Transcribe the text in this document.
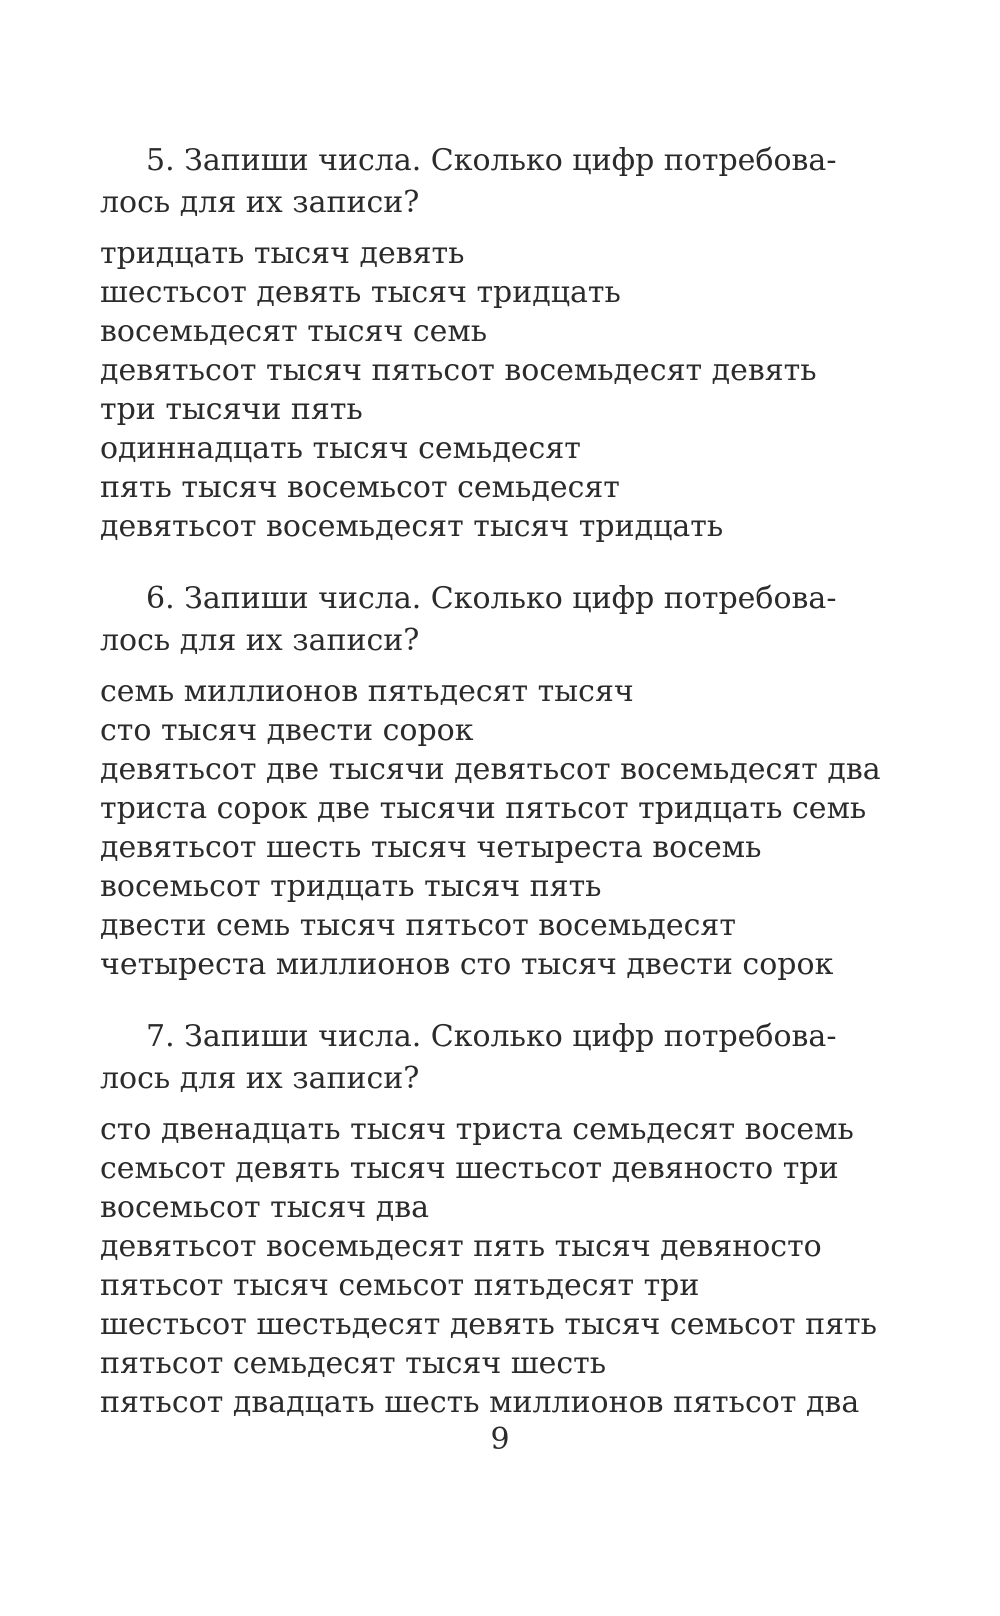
5. Запиши числа. Сколько цифр потребова-
лось для их записи?

тридцать тысяч девять
шестьсот девять тысяч тридцать
восемьдесят тысяч семь
девятьсот тысяч пятьсот восемьдесят девять
три тысячи пять
одиннадцать тысяч семьдесят
пять тысяч восемьсот семьдесят
девятьсот восемьдесят тысяч тридцать

6. Запиши числа. Сколько цифр потребова-
лось для их записи?

семь миллионов пятьдесят тысяч
сто тысяч двести сорок
девятьсот две тысячи девятьсот восемьдесят два
триста сорок две тысячи пятьсот тридцать семь
девятьсот шесть тысяч четыреста восемь
восемьсот тридцать тысяч пять
двести семь тысяч пятьсот восемьдесят
четыреста миллионов сто тысяч двести сорок

7. Запиши числа. Сколько цифр потребова-
лось для их записи?

сто двенадцать тысяч триста семьдесят восемь
семьсот девять тысяч шестьсот девяносто три
восемьсот тысяч два
девятьсот восемьдесят пять тысяч девяносто
пятьсот тысяч семьсот пятьдесят три
шестьсот шестьдесят девять тысяч семьсот пять
пятьсот семьдесят тысяч шесть
пятьсот двадцать шесть миллионов пятьсот два
9
